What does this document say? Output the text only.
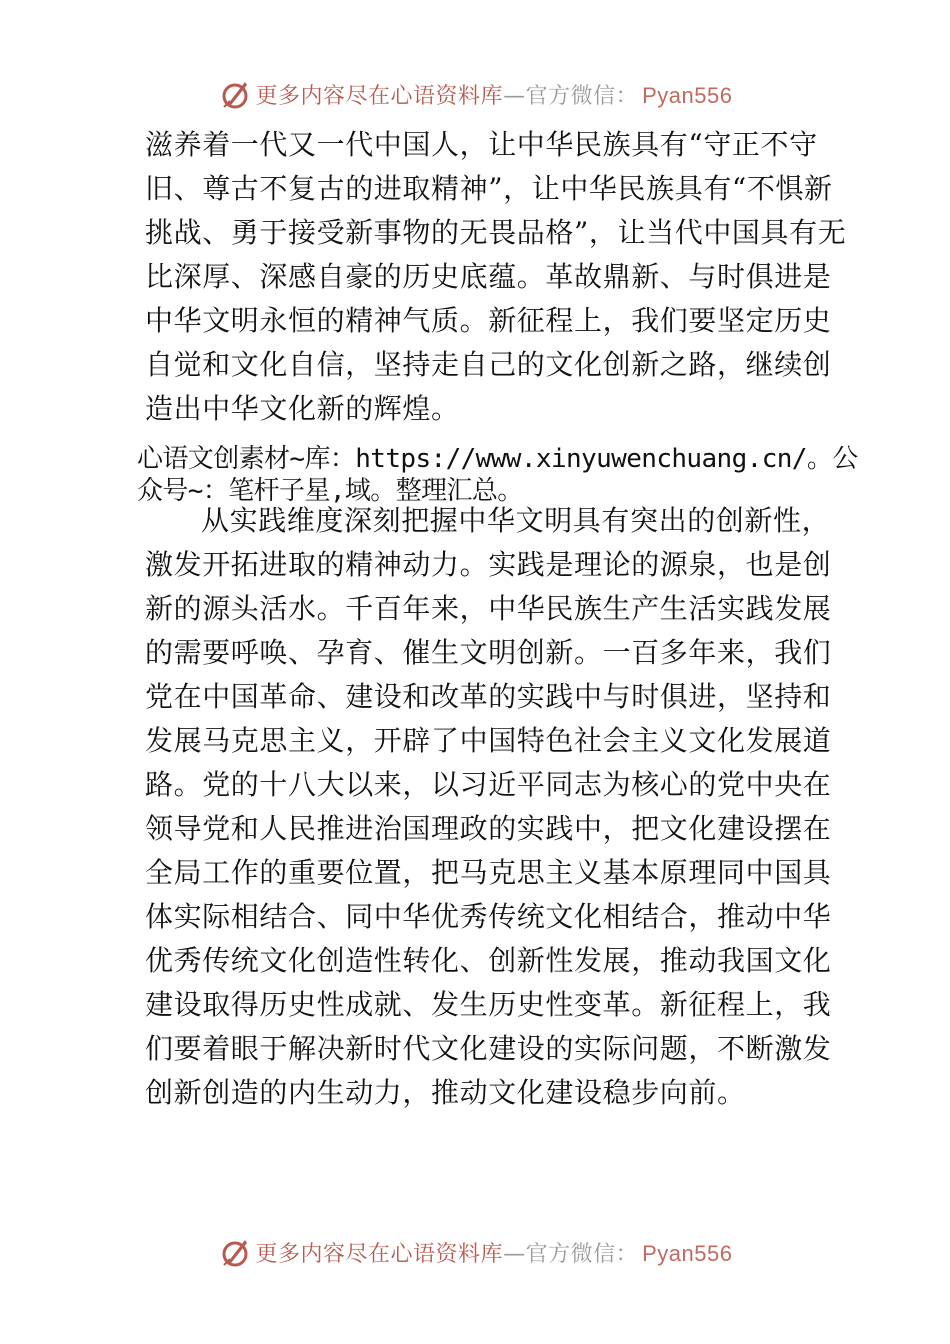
更多内容尽在心语资料库—官方微信： Pyan556
滋养着一代又一代中国人，让中华民族具有“守正不守
旧、尊古不复古的进取精神”，让中华民族具有“不惧新
挑战、勇于接受新事物的无畏品格”，让当代中国具有无
比深厚、深感自豪的历史底蕴。革故鼎新、与时俱进是
中华文明永恒的精神气质。新征程上，我们要坚定历史
自觉和文化自信，坚持走自己的文化创新之路，继续创
造出中华文化新的辉煌。
心语文创素材~库：https://www.xinyuwenchuang.cn/。公
众号~：笔杆子星,域。整理汇总。
从实践维度深刻把握中华文明具有突出的创新性，
激发开拓进取的精神动力。实践是理论的源泉，也是创
新的源头活水。千百年来，中华民族生产生活实践发展
的需要呼唤、孕育、催生文明创新。一百多年来，我们
党在中国革命、建设和改革的实践中与时俱进，坚持和
发展马克思主义，开辟了中国特色社会主义文化发展道
路。党的十八大以来，以习近平同志为核心的党中央在
领导党和人民推进治国理政的实践中，把文化建设摆在
全局工作的重要位置，把马克思主义基本原理同中国具
体实际相结合、同中华优秀传统文化相结合，推动中华
优秀传统文化创造性转化、创新性发展，推动我国文化
建设取得历史性成就、发生历史性变革。新征程上，我
们要着眼于解决新时代文化建设的实际问题，不断激发
创新创造的内生动力，推动文化建设稳步向前。
更多内容尽在心语资料库—官方微信： Pyan556
